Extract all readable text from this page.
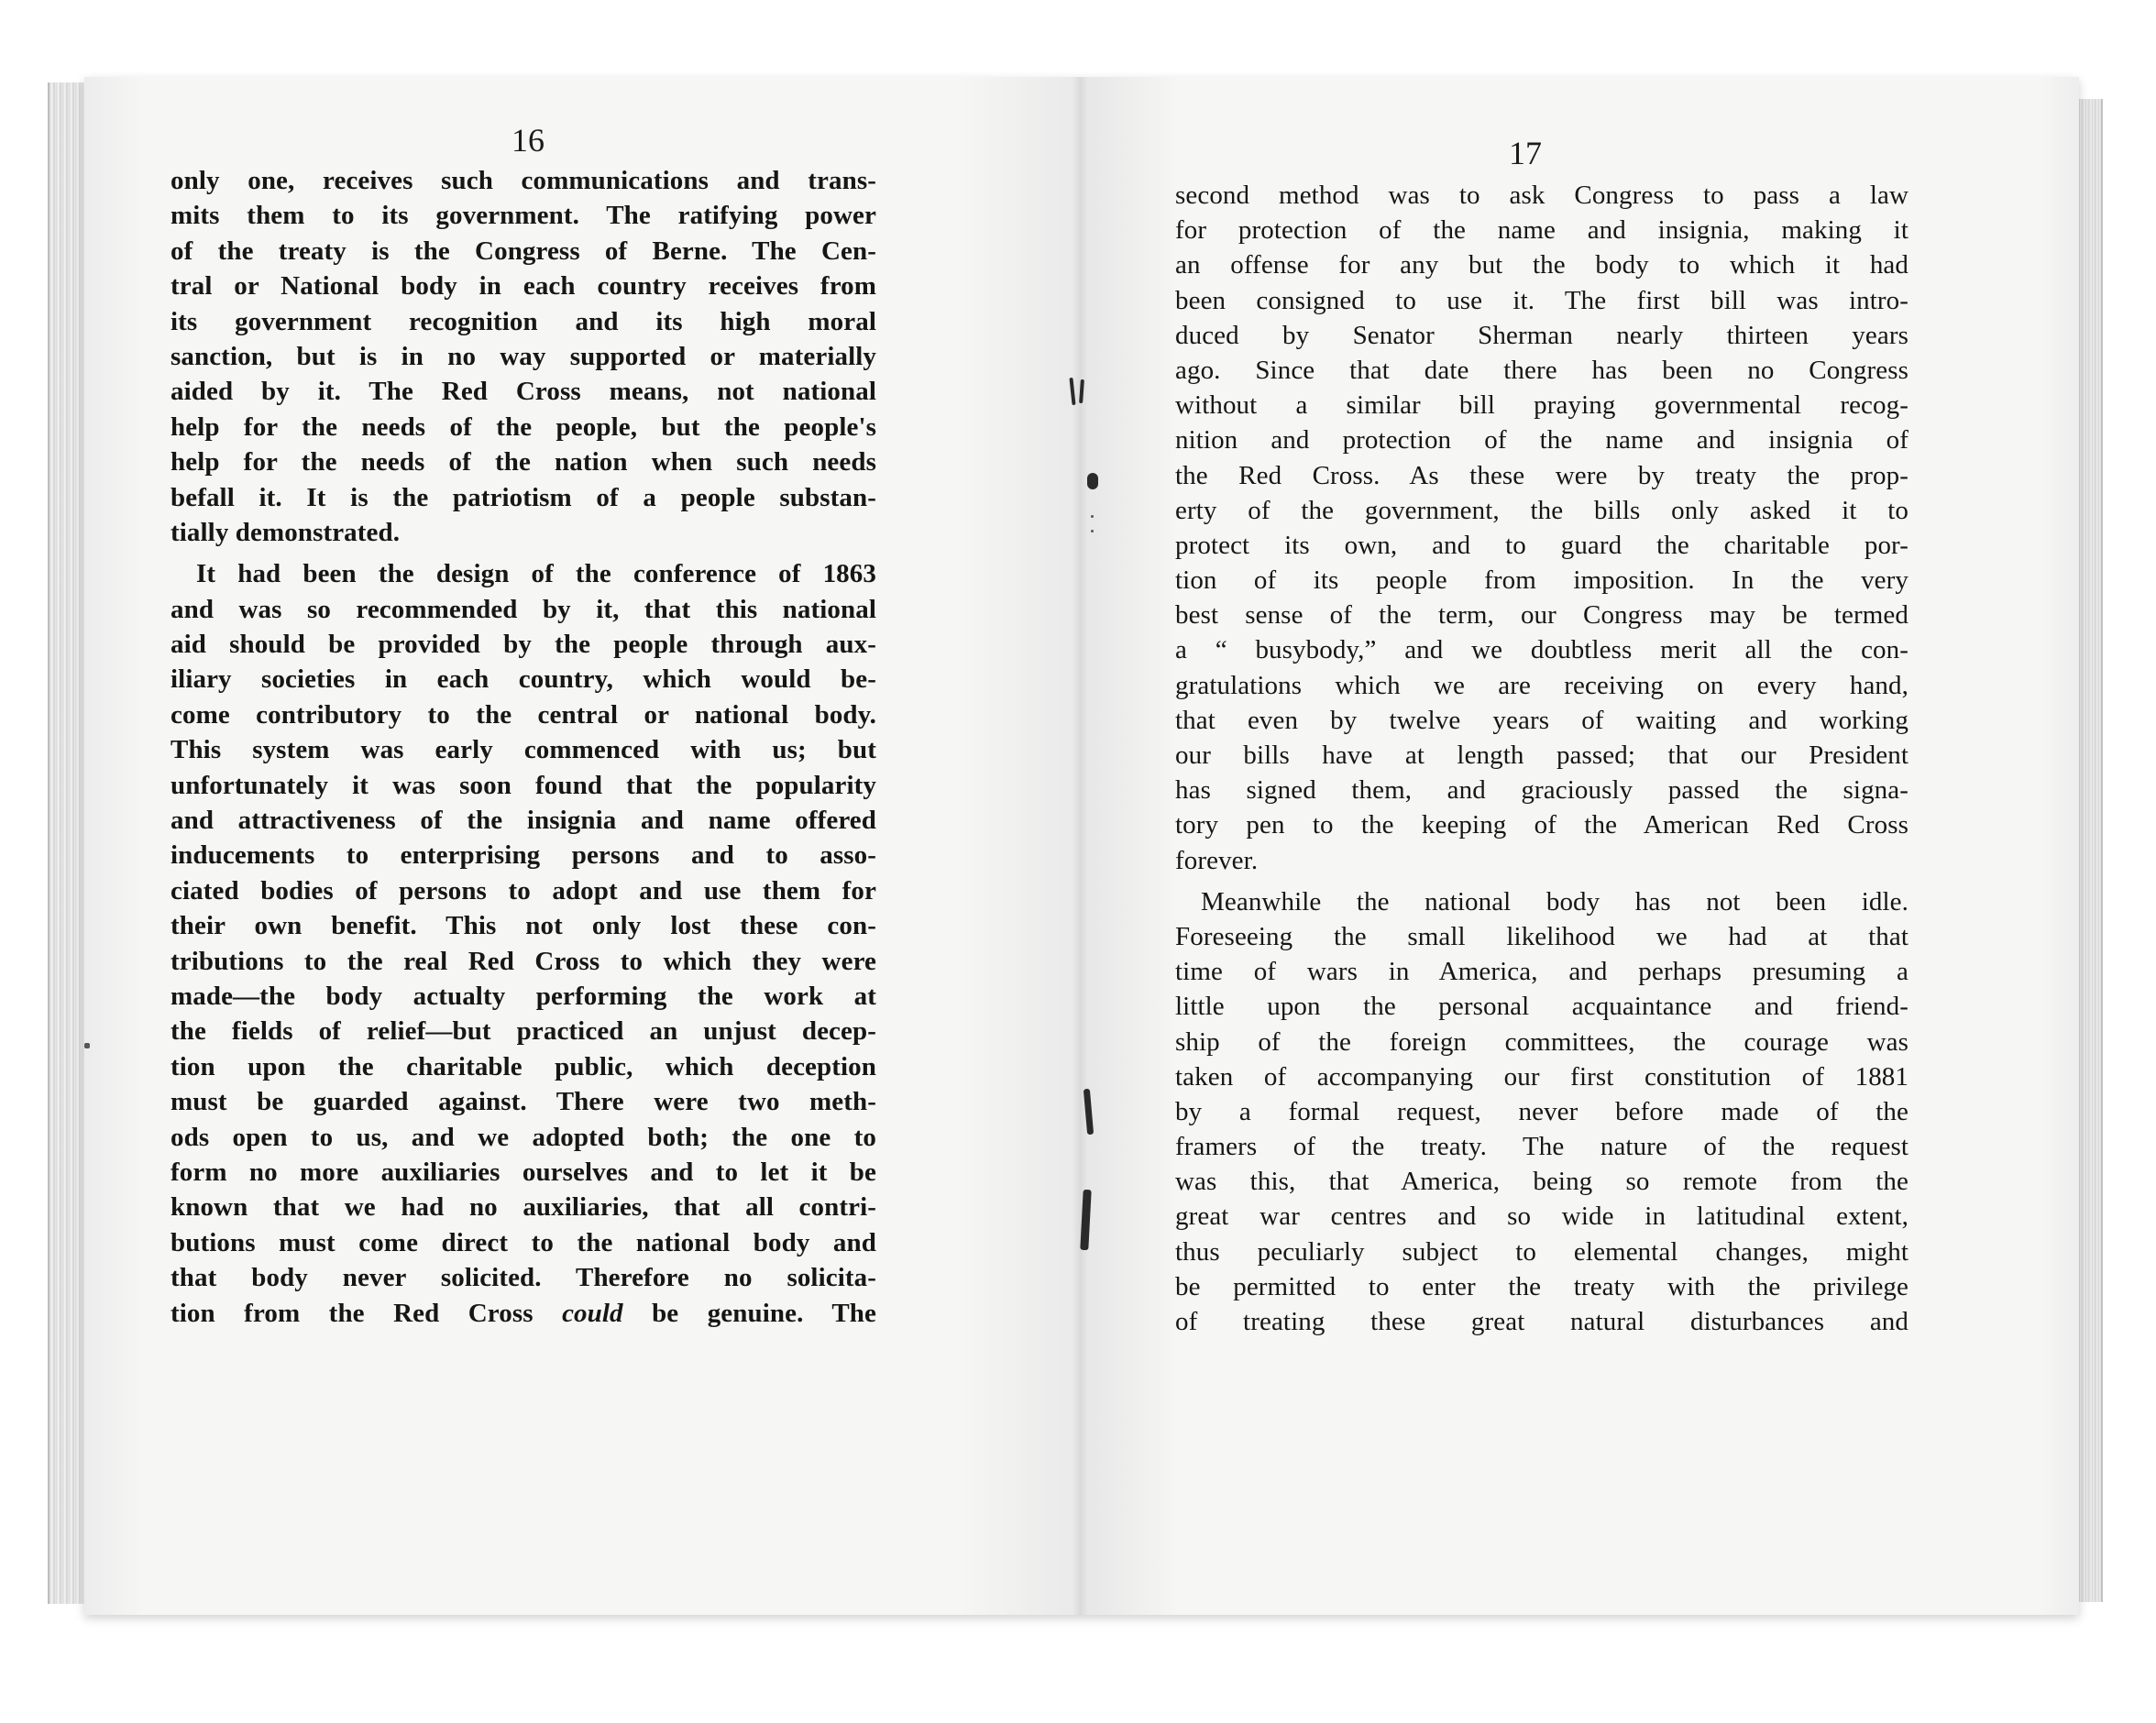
16	17
only one, receives such communications and trans-
mits them to its government. The ratifying power
of the treaty is the Congress of Berne. The Cen-
tral or National body in each country receives from
its government recognition and its high moral
sanction, but is in no way supported or materially
aided by it. The Red Cross means, not national
help for the needs of the people, but the people's
help for the needs of the nation when such needs
befall it. It is the patriotism of a people substan-
tially demonstrated.
It had been the design of the conference of 1863
and was so recommended by it, that this national
aid should be provided by the people through aux-
iliary societies in each country, which would be-
come contributory to the central or national body.
This system was early commenced with us; but
unfortunately it was soon found that the popularity
and attractiveness of the insignia and name offered
inducements to enterprising persons and to asso-
ciated bodies of persons to adopt and use them for
their own benefit. This not only lost these con-
tributions to the real Red Cross to which they were
made—the body actualty performing the work at
the fields of relief—but practiced an unjust decep-
tion upon the charitable public, which deception
must be guarded against. There were two meth-
ods open to us, and we adopted both; the one to
form no more auxiliaries ourselves and to let it be
known that we had no auxiliaries, that all contri-
butions must come direct to the national body and
that body never solicited. Therefore no solicita-
tion from the Red Cross could be genuine. The
second method was to ask Congress to pass a law
for protection of the name and insignia, making it
an offense for any but the body to which it had
been consigned to use it. The first bill was intro-
duced by Senator Sherman nearly thirteen years
ago. Since that date there has been no Congress
without a similar bill praying governmental recog-
nition and protection of the name and insignia of
the Red Cross. As these were by treaty the prop-
erty of the government, the bills only asked it to
protect its own, and to guard the charitable por-
tion of its people from imposition. In the very
best sense of the term, our Congress may be termed
a “ busybody,” and we doubtless merit all the con-
gratulations which we are receiving on every hand,
that even by twelve years of waiting and working
our bills have at length passed; that our President
has signed them, and graciously passed the signa-
tory pen to the keeping of the American Red Cross
forever.
Meanwhile the national body has not been idle.
Foreseeing the small likelihood we had at that
time of wars in America, and perhaps presuming a
little upon the personal acquaintance and friend-
ship of the foreign committees, the courage was
taken of accompanying our first constitution of 1881
by a formal request, never before made of the
framers of the treaty. The nature of the request
was this, that America, being so remote from the
great war centres and so wide in latitudinal extent,
thus peculiarly subject to elemental changes, might
be permitted to enter the treaty with the privilege
of treating these great natural disturbances and
